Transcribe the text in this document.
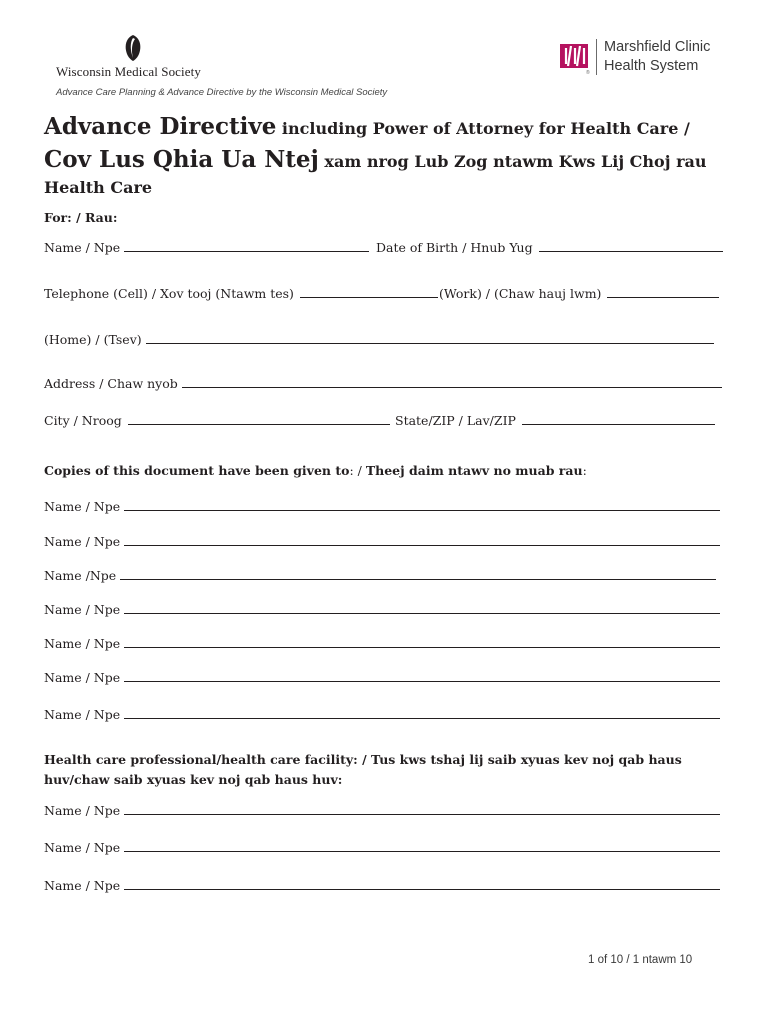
Wisconsin Medical Society	®
Marshfield Clinic
Health System
Advance Care Planning & Advance Directive by the Wisconsin Medical Society
Advance Directive including Power of Attorney for Health Care /
Cov Lus Qhia Ua Ntej xam nrog Lub Zog ntawm Kws Lij Choj rau
Health Care
For: / Rau:
Name / Npe	Date of Birth / Hnub Yug
Telephone (Cell) / Xov tooj (Ntawm tes)	(Work) / (Chaw hauj lwm)
(Home) / (Tsev)
Address / Chaw nyob
City / Nroog	State/ZIP / Lav/ZIP
Copies of this document have been given to: / Theej daim ntawv no muab rau:
Name / Npe
Name / Npe
Name /Npe
Name / Npe
Name / Npe
Name / Npe
Name / Npe
Health care professional/health care facility: / Tus kws tshaj lij saib xyuas kev noj qab haus
huv/chaw saib xyuas kev noj qab haus huv:
Name / Npe
Name / Npe
Name / Npe
1 of 10 / 1 ntawm 10
